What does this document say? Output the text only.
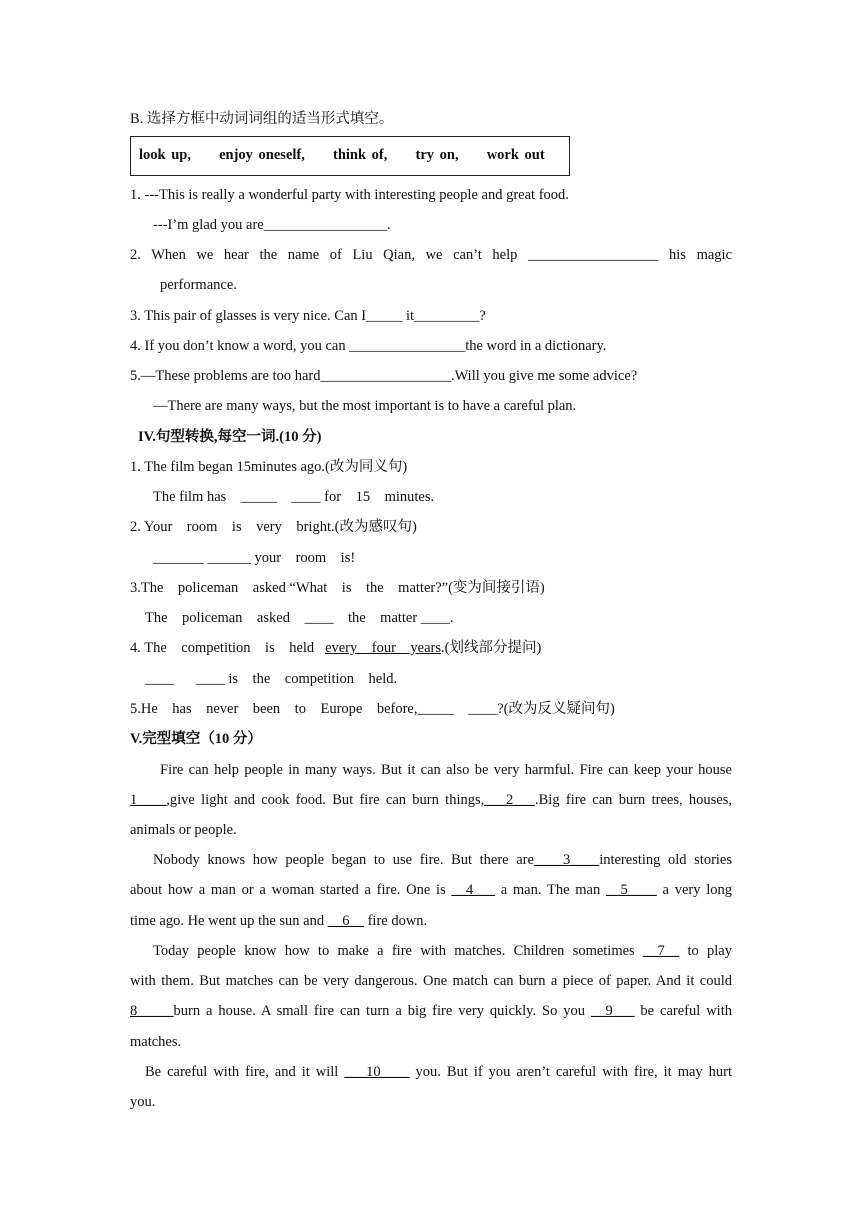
B. 选择方框中动词词组的适当形式填空。
look up,     enjoy oneself,     think of,     try on,     work out
1. ---This is really a wonderful party with interesting people and great food.
---I’m glad you are_________________.
2. When we hear the name of Liu Qian, we can’t help __________________ his magic
performance.
3. This pair of glasses is very nice. Can I_____ it_________?
4. If you don’t know a word, you can ________________the word in a dictionary.
5.—These problems are too hard__________________.Will you give me some advice?
—There are many ways, but the most important is to have a careful plan.
IV.句型转换,每空一词.(10 分)
1. The film began 15minutes ago.(改为同义句)
The film has    _____    ____ for    15    minutes.
2. Your    room    is    very    bright.(改为感叹句)
_______ ______ your    room    is!
3.The    policeman    asked “What    is    the    matter?”(变为间接引语)
The    policeman    asked    ____    the    matter ____.
4. The    competition    is    held   every    four    years.(划线部分提问)
____      ____ is    the    competition    held.
5.He    has    never    been    to    Europe    before,_____    ____?(改为反义疑问句)
V.完型填空（10 分）
Fire can help people in many ways. But it can also be very harmful. Fire can keep your house
1____,give light and cook food. But fire can burn things,___2___.Big fire can burn trees, houses,
animals or people.
Nobody knows how people began to use fire. But there are____3____interesting old stories
about how a man or a woman started a fire. One is __4___ a man. The man __5____ a very long
time ago. He went up the sun and __6__ fire down.
Today people know how to make a fire with matches. Children sometimes __7__ to play
with them. But matches can be very dangerous. One match can burn a piece of paper. And it could
8_____burn a house. A small fire can turn a big fire very quickly. So you __9___ be careful with
matches.
Be careful with fire, and it will ___10____ you. But if you aren’t careful with fire, it may hurt
you.
